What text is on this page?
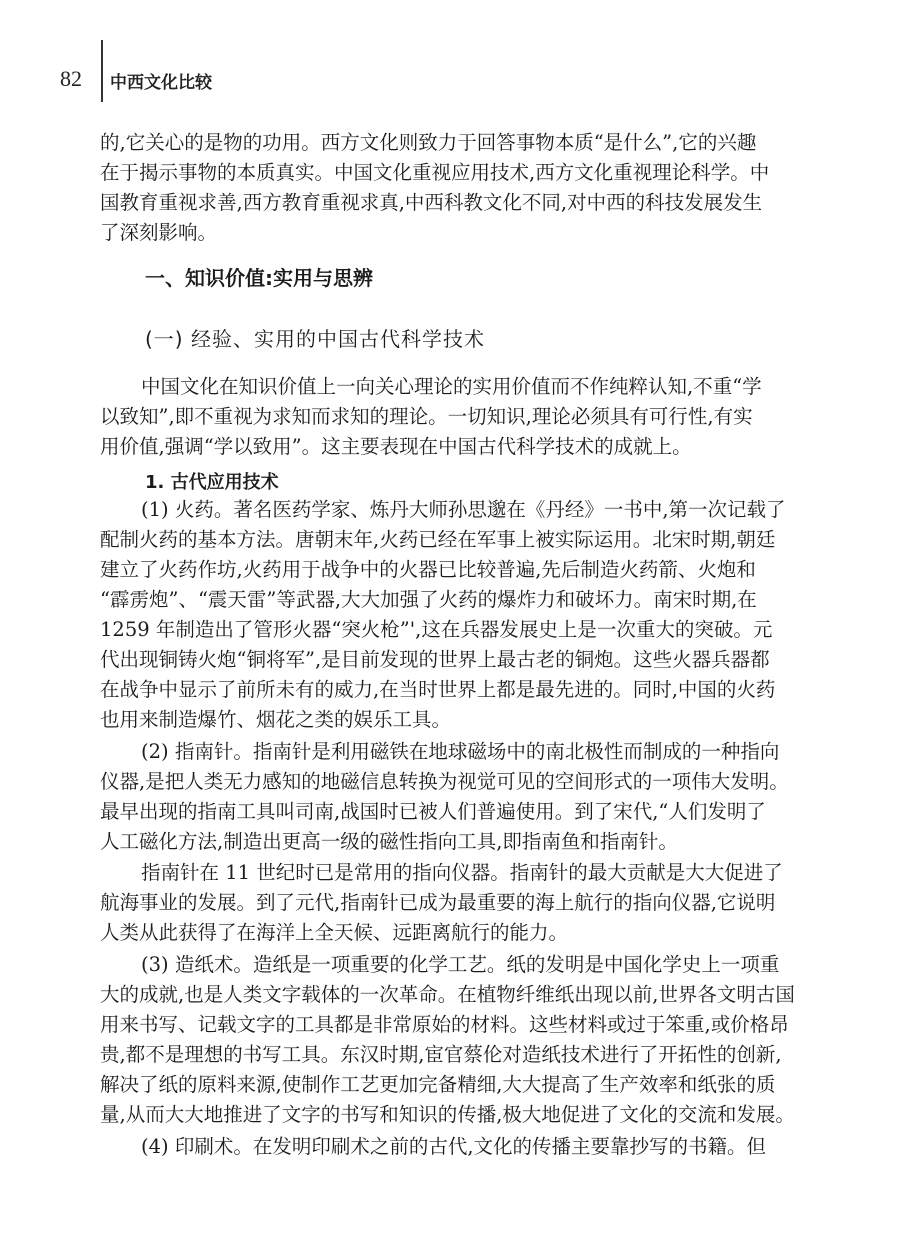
82 中西文化比较
的,它关心的是物的功用。西方文化则致力于回答事物本质“是什么”,它的兴趣
在于揭示事物的本质真实。中国文化重视应用技术,西方文化重视理论科学。中
国教育重视求善,西方教育重视求真,中西科教文化不同,对中西的科技发展发生
了深刻影响。
一、知识价值:实用与思辨
(一) 经验、实用的中国古代科学技术
中国文化在知识价值上一向关心理论的实用价值而不作纯粹认知,不重“学
以致知”,即不重视为求知而求知的理论。一切知识,理论必须具有可行性,有实
用价值,强调“学以致用”。这主要表现在中国古代科学技术的成就上。
1. 古代应用技术
(1) 火药。著名医药学家、炼丹大师孙思邈在《丹经》一书中,第一次记载了
配制火药的基本方法。唐朝末年,火药已经在军事上被实际运用。北宋时期,朝廷
建立了火药作坊,火药用于战争中的火器已比较普遍,先后制造火药箭、火炮和
“霹雳炮”、“震天雷”等武器,大大加强了火药的爆炸力和破坏力。南宋时期,在
1259 年制造出了管形火器“突火枪”',这在兵器发展史上是一次重大的突破。元
代出现铜铸火炮“铜将军”,是目前发现的世界上最古老的铜炮。这些火器兵器都
在战争中显示了前所未有的威力,在当时世界上都是最先进的。同时,中国的火药
也用来制造爆竹、烟花之类的娱乐工具。
(2) 指南针。指南针是利用磁铁在地球磁场中的南北极性而制成的一种指向
仪器,是把人类无力感知的地磁信息转换为视觉可见的空间形式的一项伟大发明。
最早出现的指南工具叫司南,战国时已被人们普遍使用。到了宋代,“人们发明了
人工磁化方法,制造出更高一级的磁性指向工具,即指南鱼和指南针。
指南针在 11 世纪时已是常用的指向仪器。指南针的最大贡献是大大促进了
航海事业的发展。到了元代,指南针已成为最重要的海上航行的指向仪器,它说明
人类从此获得了在海洋上全天候、远距离航行的能力。
(3) 造纸术。造纸是一项重要的化学工艺。纸的发明是中国化学史上一项重
大的成就,也是人类文字载体的一次革命。在植物纤维纸出现以前,世界各文明古国
用来书写、记载文字的工具都是非常原始的材料。这些材料或过于笨重,或价格昂
贵,都不是理想的书写工具。东汉时期,宦官蔡伦对造纸技术进行了开拓性的创新,
解决了纸的原料来源,使制作工艺更加完备精细,大大提高了生产效率和纸张的质
量,从而大大地推进了文字的书写和知识的传播,极大地促进了文化的交流和发展。
(4) 印刷术。在发明印刷术之前的古代,文化的传播主要靠抄写的书籍。但
